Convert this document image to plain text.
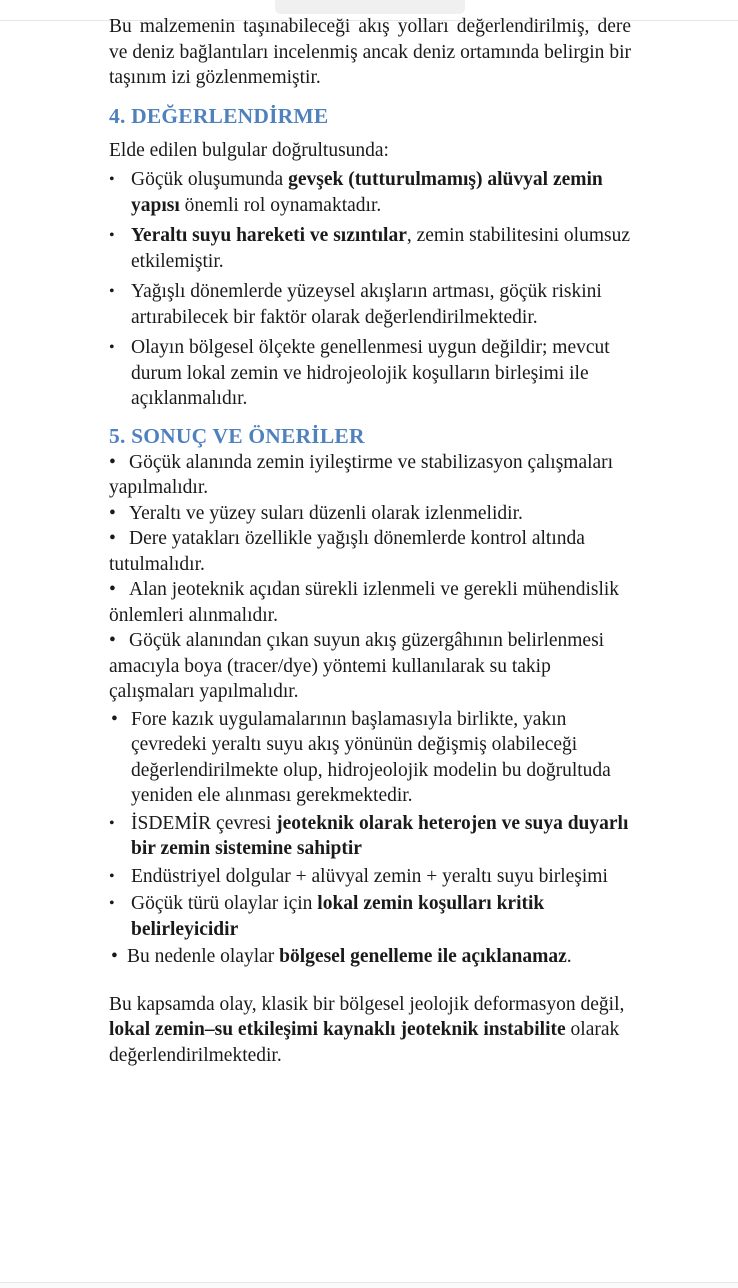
Bu malzemenin taşınabileceği akış yolları değerlendirilmiş, dere ve deniz bağlantıları incelenmiş ancak deniz ortamında belirgin bir taşınım izi gözlenmemiştir.

4. DEĞERLENDİRME

Elde edilen bulgular doğrultusunda:

• Göçük oluşumunda gevşek (tutturulmamış) alüvyal zemin yapısı önemli rol oynamaktadır.
• Yeraltı suyu hareketi ve sızıntılar, zemin stabilitesini olumsuz etkilemiştir.
• Yağışlı dönemlerde yüzeysel akışların artması, göçük riskini artırabilecek bir faktör olarak değerlendirilmektedir.
• Olayın bölgesel ölçekte genellenmesi uygun değildir; mevcut durum lokal zemin ve hidrojeolojik koşulların birleşimi ile açıklanmalıdır.
5. SONUÇ VE ÖNERİLER
• Göçük alanında zemin iyileştirme ve stabilizasyon çalışmaları yapılmalıdır.
• Yeraltı ve yüzey suları düzenli olarak izlenmelidir.
• Dere yatakları özellikle yağışlı dönemlerde kontrol altında tutulmalıdır.
• Alan jeoteknik açıdan sürekli izlenmeli ve gerekli mühendislik önlemleri alınmalıdır.
• Göçük alanından çıkan suyun akış güzergâhının belirlenmesi amacıyla boya (tracer/dye) yöntemi kullanılarak su takip çalışmaları yapılmalıdır.
• Fore kazık uygulamalarının başlamasıyla birlikte, yakın çevredeki yeraltı suyu akış yönünün değişmiş olabileceği değerlendirilmekte olup, hidrojeolojik modelin bu doğrultuda yeniden ele alınması gerekmektedir.
• İSDEMİR çevresi jeoteknik olarak heterojen ve suya duyarlı bir zemin sistemine sahiptir
• Endüstriyel dolgular + alüvyal zemin + yeraltı suyu birleşimi
• Göçük türü olaylar için lokal zemin koşulları kritik belirleyicidir
• Bu nedenle olaylar bölgesel genelleme ile açıklanamaz.

Bu kapsamda olay, klasik bir bölgesel jeolojik deformasyon değil, lokal zemin–su etkileşimi kaynaklı jeoteknik instabilite olarak değerlendirilmektedir.
